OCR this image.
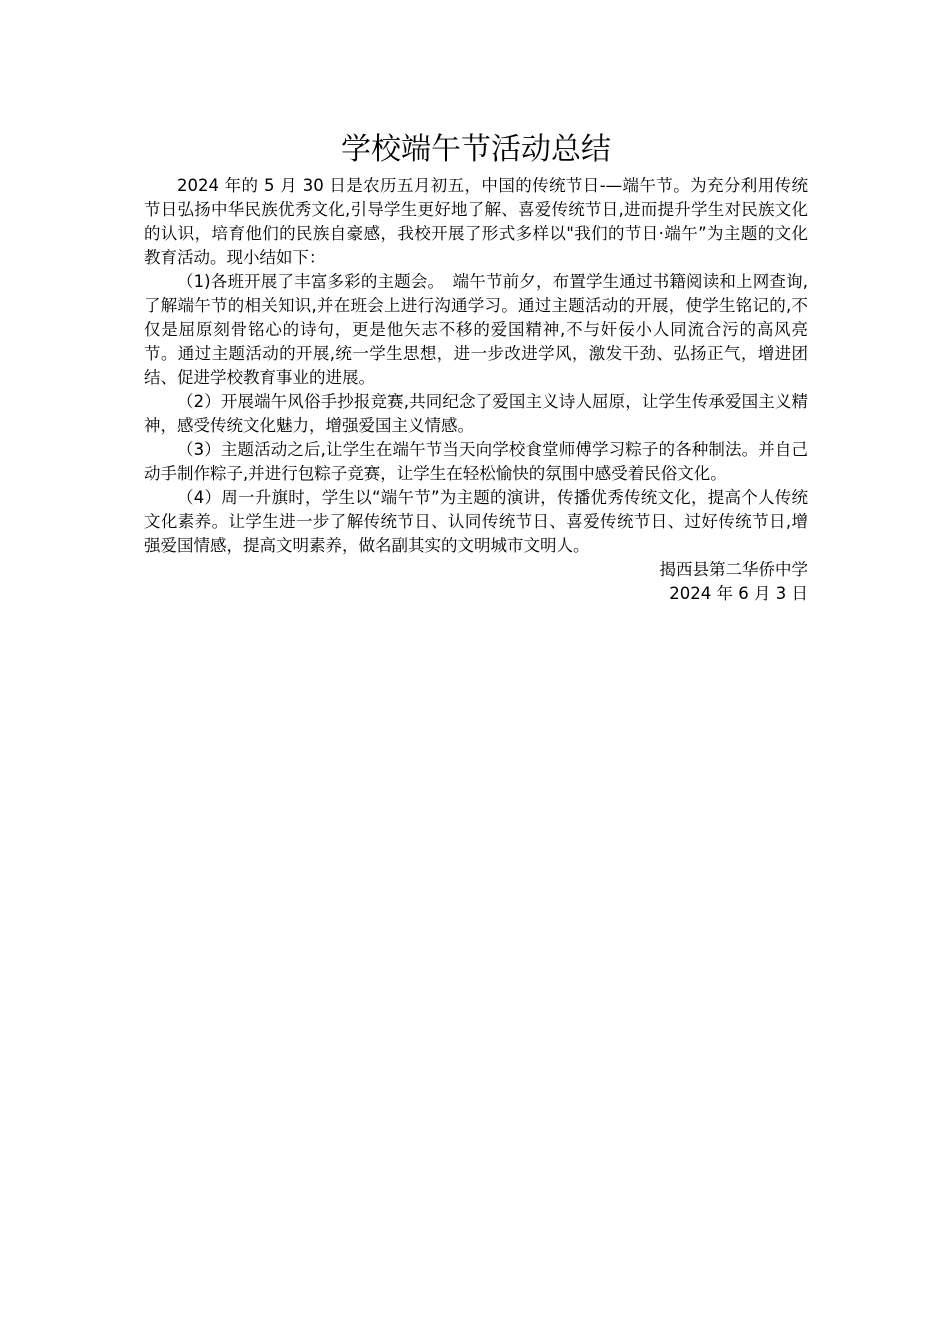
学校端午节活动总结

2024 年的 5 月 30 日是农历五月初五，中国的传统节日-—端午节。为充分利用传统节日弘扬中华民族优秀文化,引导学生更好地了解、喜爱传统节日,进而提升学生对民族文化的认识，培育他们的民族自豪感，我校开展了形式多样以"我们的节日·端午”为主题的文化教育活动。现小结如下：

（1)各班开展了丰富多彩的主题会。　端午节前夕，布置学生通过书籍阅读和上网查询,了解端午节的相关知识,并在班会上进行沟通学习。通过主题活动的开展，使学生铭记的,不仅是屈原刻骨铭心的诗句，更是他矢志不移的爱国精神,不与奸佞小人同流合污的高风亮节。通过主题活动的开展,统一学生思想，进一步改进学风，激发干劲、弘扬正气，增进团结、促进学校教育事业的进展。

（2）开展端午风俗手抄报竞赛,共同纪念了爱国主义诗人屈原，让学生传承爱国主义精神，感受传统文化魅力，增强爱国主义情感。

（3）主题活动之后,让学生在端午节当天向学校食堂师傅学习粽子的各种制法。并自己动手制作粽子,并进行包粽子竞赛，让学生在轻松愉快的氛围中感受着民俗文化。

（4）周一升旗时，学生以“端午节”为主题的演讲，传播优秀传统文化，提高个人传统文化素养。让学生进一步了解传统节日、认同传统节日、喜爱传统节日、过好传统节日,增强爱国情感，提高文明素养，做名副其实的文明城市文明人。

揭西县第二华侨中学

2024 年 6 月 3 日
